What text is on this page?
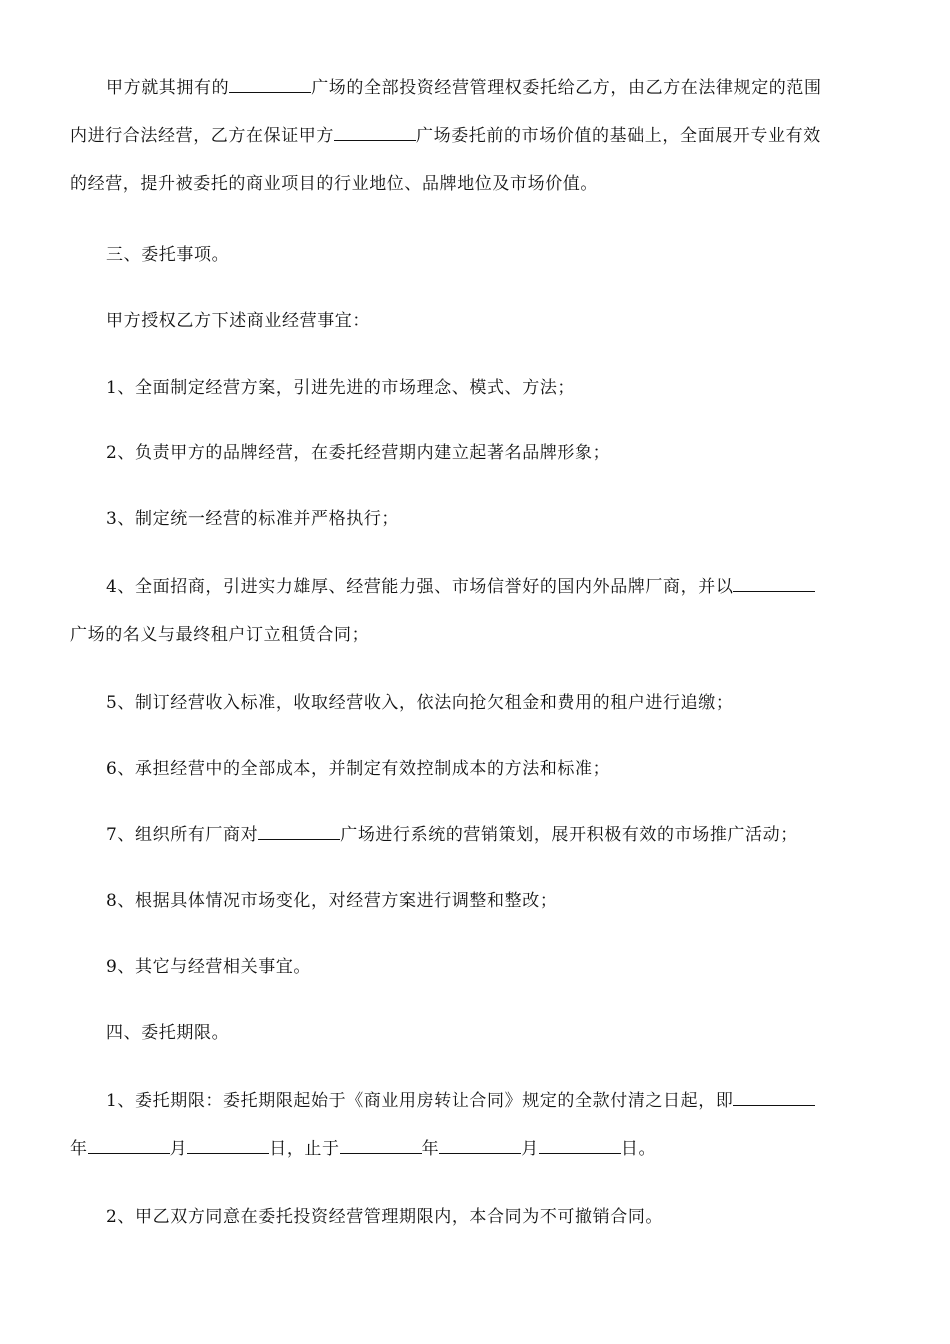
甲方就其拥有的	广场的全部投资经营管理权委托给乙方，由乙方在法律规定的范围

内进行合法经营，乙方在保证甲方	广场委托前的市场价值的基础上，全面展开专业有效

的经营，提升被委托的商业项目的行业地位、品牌地位及市场价值。

三、委托事项。

甲方授权乙方下述商业经营事宜：

1、全面制定经营方案，引进先进的市场理念、模式、方法；

2、负责甲方的品牌经营，在委托经营期内建立起著名品牌形象；

3、制定统一经营的标准并严格执行；

4、全面招商，引进实力雄厚、经营能力强、市场信誉好的国内外品牌厂商，并以

广场的名义与最终租户订立租赁合同；

5、制订经营收入标准，收取经营收入，依法向抢欠租金和费用的租户进行追缴；

6、承担经营中的全部成本，并制定有效控制成本的方法和标准；

7、组织所有厂商对	广场进行系统的营销策划，展开积极有效的市场推广活动；

8、根据具体情况市场变化，对经营方案进行调整和整改；

9、其它与经营相关事宜。

四、委托期限。

1、委托期限：委托期限起始于《商业用房转让合同》规定的全款付清之日起，即

年	月	日，止于	年	月	日。

2、甲乙双方同意在委托投资经营管理期限内，本合同为不可撤销合同。
